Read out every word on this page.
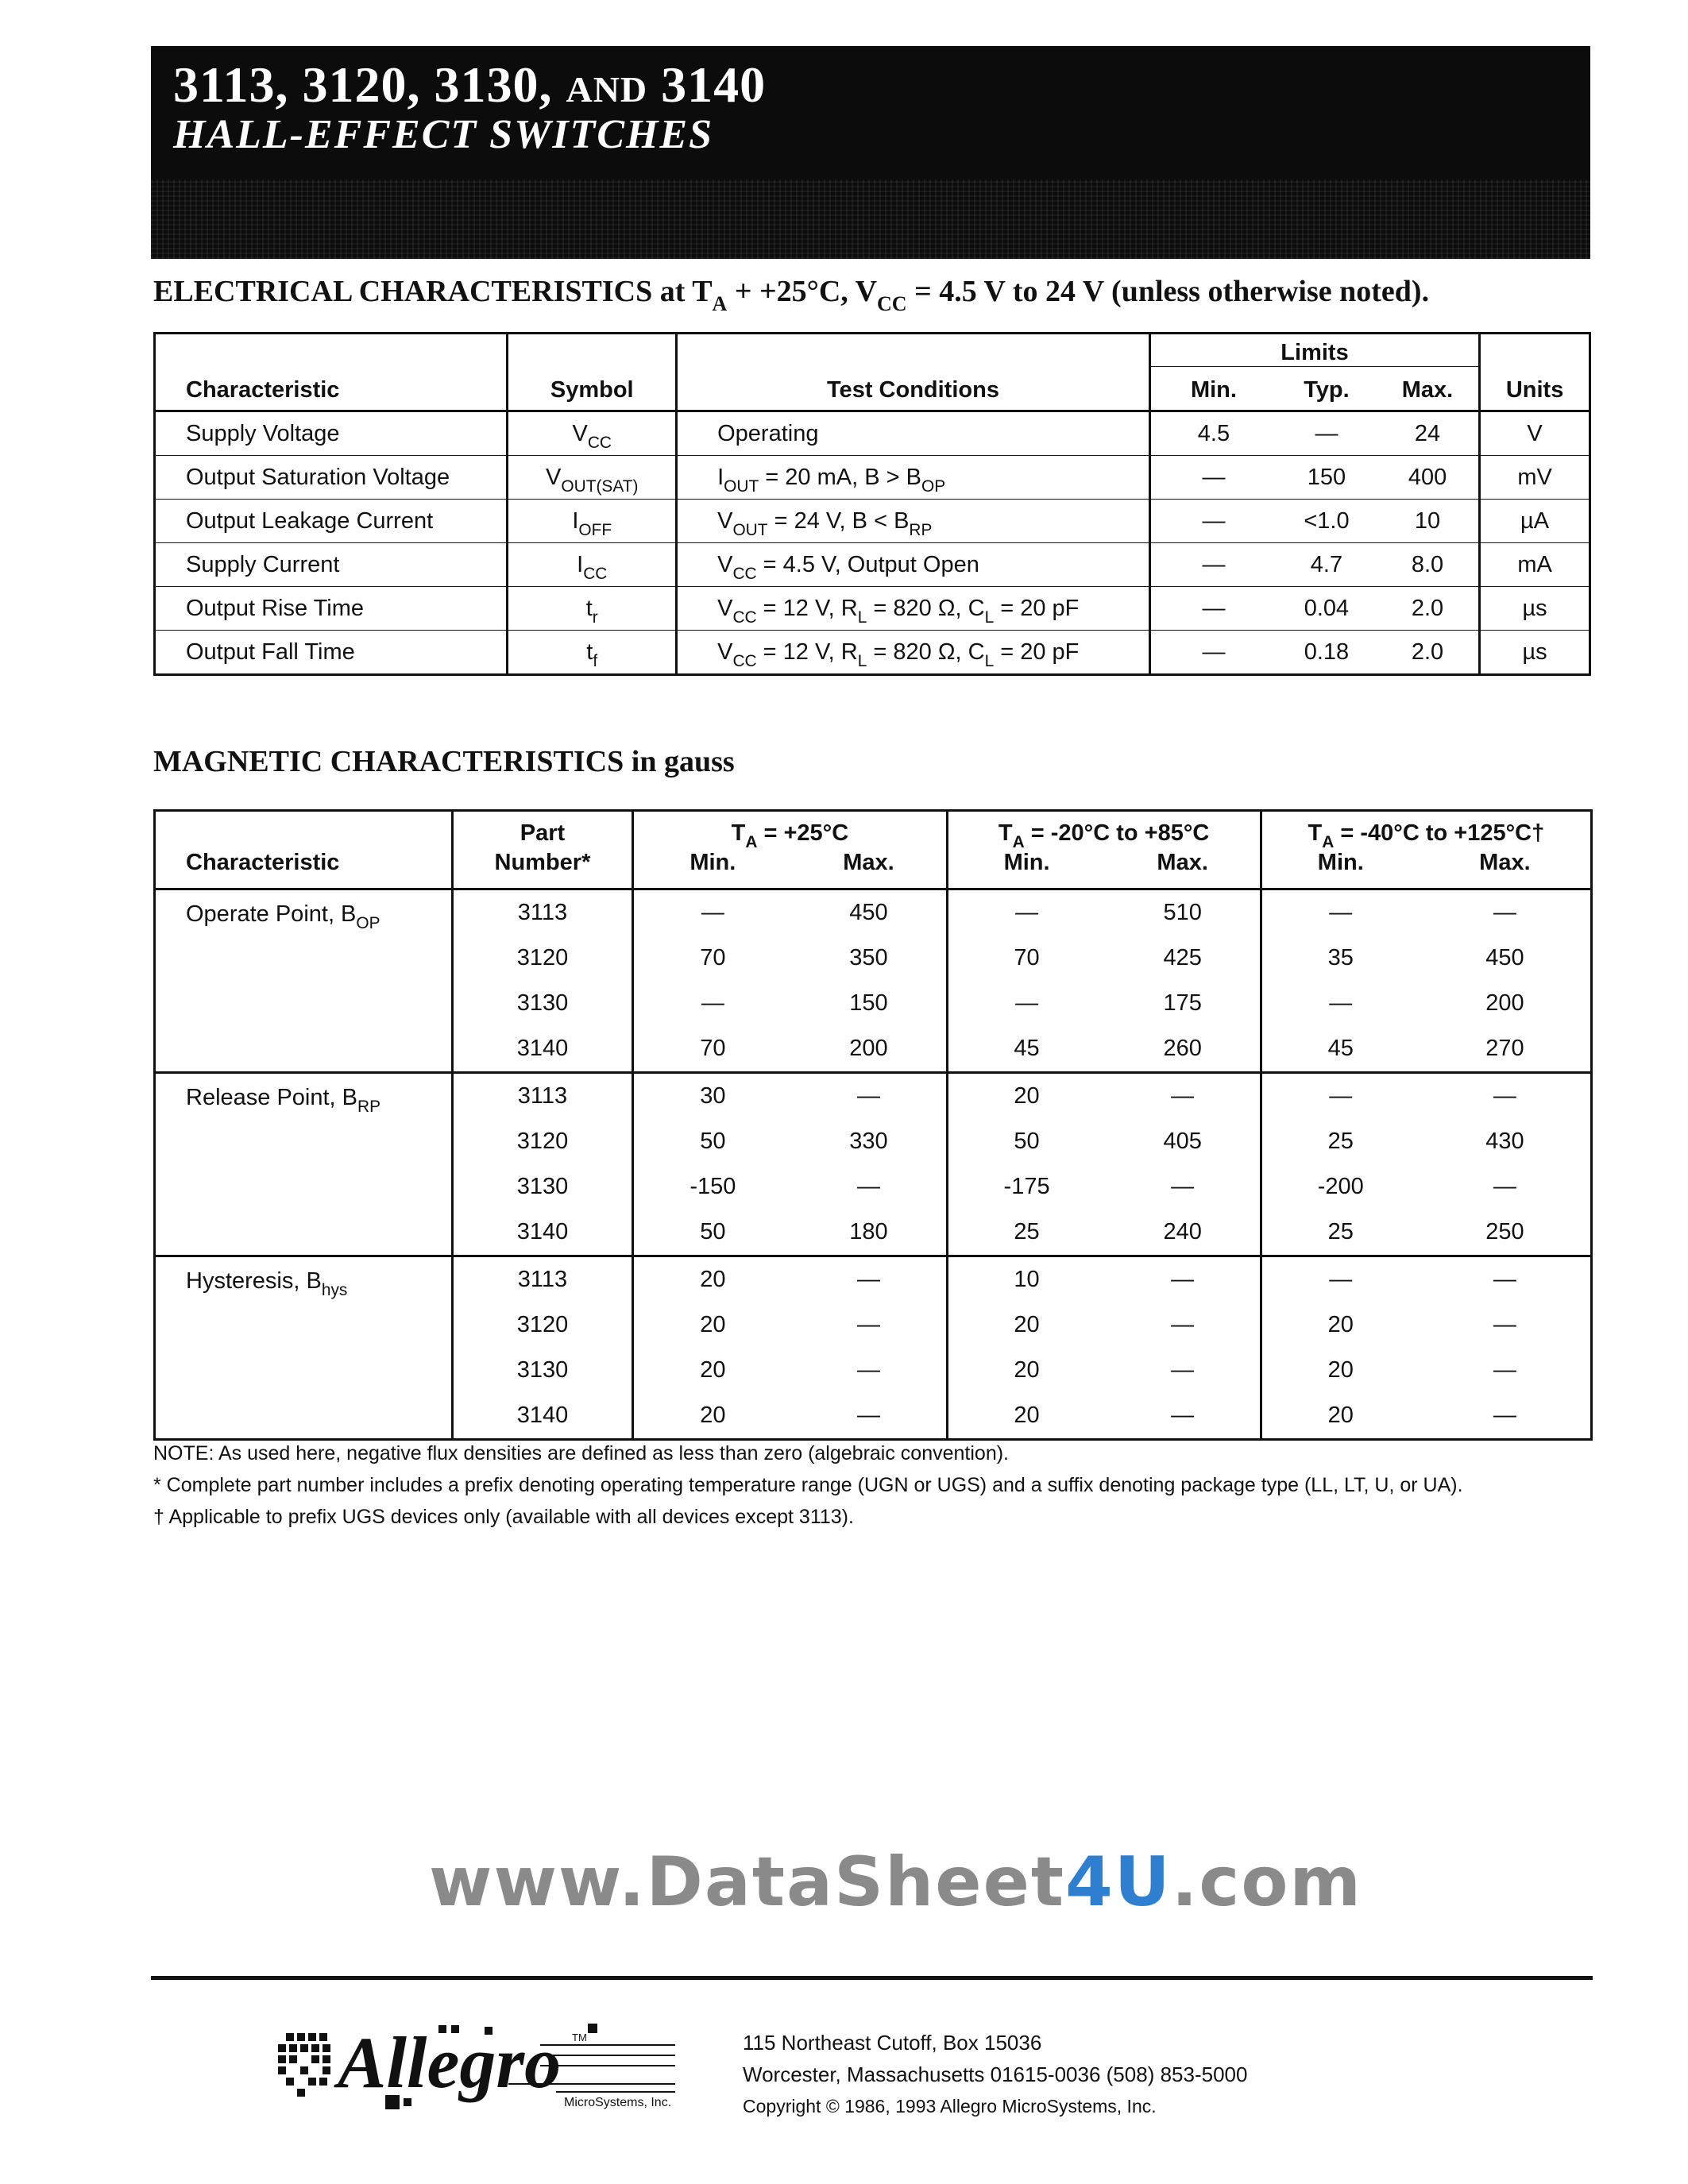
3113, 3120, 3130, AND 3140
HALL-EFFECT SWITCHES
ELECTRICAL CHARACTERISTICS at $T_A + +25^\circ C$, $V_{CC} = 4.5$ V to 24 V (unless otherwise noted).
Characteristic	Symbol	Test Conditions	Limits			
			Min.	Typ.	Max.	Units
Supply Voltage	$V_{CC}$	Operating	4.5	—	24	V
Output Saturation Voltage	$V_{OUT(SAT)}$	$I_{OUT} = 20$ mA, $B > B_{OP}$	—	150	400	mV
Output Leakage Current	$I_{OFF}$	$V_{OUT} = 24$ V, $B < B_{RP}$	—	<1.0	10	µA
Supply Current	$I_{CC}$	$V_{CC} = 4.5$ V, Output Open	—	4.7	8.0	mA
Output Rise Time	$t_r$	$V_{CC} = 12$ V, $R_L = 820$ Ω, $C_L = 20$ pF	—	0.04	2.0	µs
Output Fall Time	$t_f$	$V_{CC} = 12$ V, $R_L = 820$ Ω, $C_L = 20$ pF	—	0.18	2.0	µs
MAGNETIC CHARACTERISTICS in gauss
	Part	$T_A = +25^\circ C$		$T_A = -20^\circ C$ to +85°C		$T_A = -40^\circ C$ to +125°C†	
Characteristic	Number*	Min.	Max.	Min.	Max.	Min.	Max.
Operate Point, $B_{OP}$	3113	—	450	—	510	—	—
	3120	70	350	70	425	35	450
	3130	—	150	—	175	—	200
	3140	70	200	45	260	45	270
Release Point, $B_{RP}$	3113	30	—	20	—	—	—
	3120	50	330	50	405	25	430
	3130	-150	—	-175	—	-200	—
	3140	50	180	25	240	25	250
Hysteresis, $B_{hys}$	3113	20	—	10	—	—	—
	3120	20	—	20	—	20	—
	3130	20	—	20	—	20	—
	3140	20	—	20	—	20	—
NOTE: As used here, negative flux densities are defined as less than zero (algebraic convention).
* Complete part number includes a prefix denoting operating temperature range (UGN or UGS) and a suffix denoting package type (LL, LT, U, or UA).
† Applicable to prefix UGS devices only (available with all devices except 3113).
www.DataSheet4U.com
Allegro TM
MicroSystems, Inc.
115 Northeast Cutoff, Box 15036
Worcester, Massachusetts 01615-0036 (508) 853-5000
Copyright © 1986, 1993 Allegro MicroSystems, Inc.
